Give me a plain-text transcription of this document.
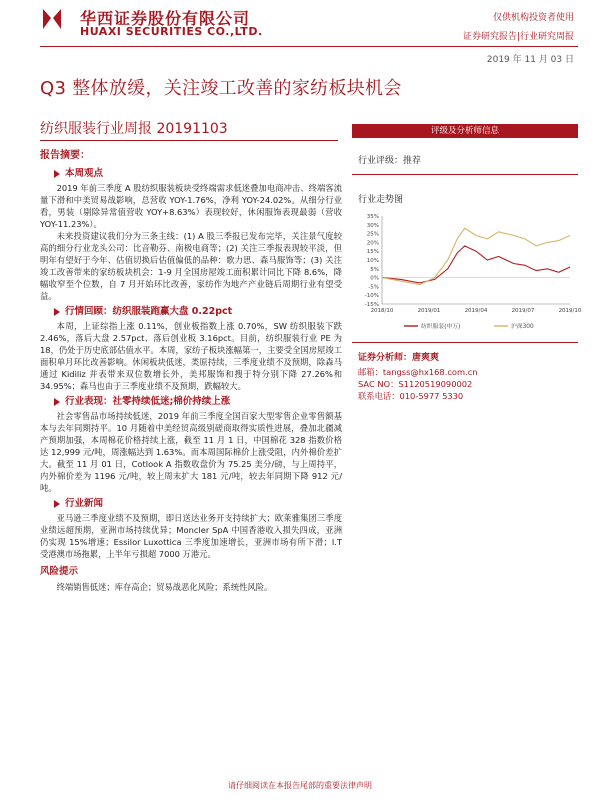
华西证券股份有限公司
HUAXI SECURITIES CO.,LTD.
仅供机构投资者使用
证券研究报告|行业研究周报
2019 年 11 月 03 日
Q3 整体放缓，关注竣工改善的家纺板块机会
纺织服装行业周报 20191103
报告摘要：
本周观点

2019 年前三季度 A 股纺织服装板块受终端需求低迷叠加电商冲击、终端客流量下滑和中美贸易战影响，总营收 YOY-1.76%，净利 YOY-24.02%。从细分行业看，男装（剔除异常值营收 YOY+8.63%）表现较好，休闲服饰表现最弱（营收 YOY-11.23%）。

未来投资建议我们分为三条主线：(1) A 股三季报已发布完毕，关注景气度较高的细分行业龙头公司：比音勒芬、南极电商等；(2) 关注三季报表现较平淡，但明年有望好于今年、估值切换后估值偏低的品种：歌力思、森马服饰等；(3) 关注竣工改善带来的家纺板块机会：1-9 月全国房屋竣工面积累计同比下降 8.6%，降幅收窄至个位数，自 7 月开始环比改善，家纺作为地产产业链后周期行业有望受益。

行情回顾：纺织服装跑赢大盘 0.22pct

本周，上证综指上涨 0.11%，创业板指数上涨 0.70%，SW 纺织服装下跌 2.46%，落后大盘 2.57pct、落后创业板 3.16pct。目前，纺织服装行业 PE 为 18，仍处于历史底部估值水平。本周，家纺子板块涨幅第一，主要受全国房屋竣工面积单月环比改善影响。休闲板块低迷，类原持续，三季度业绩不及预期，除森马通过 Kidiliz 并表带来双位数增长外，美邦服饰和搜于特分别下降 27.26%和 34.95%；森马也由于三季度业绩不及预期，跌幅较大。

行业表现：社零持续低迷;棉价持续上涨

社会零售品市场持续低迷，2019 年前三季度全国百家大型零售企业零售额基本与去年同期持平。10 月随着中美经贸高级别磋商取得实质性进展，叠加北疆减产预期加强，本周棉花价格持续上涨，截至 11 月 1 日，中国棉花 328 指数价格达 12,999 元/吨，周涨幅达到 1.63%。而本周国际棉价上涨受阻，内外棉价差扩大。截至 11 月 01 日，Cotlook A 指数收盘价为 75.25 美分/磅，与上周持平，内外棉价差为 1196 元/吨，较上周末扩大 181 元/吨，较去年同期下降 912 元/吨。

行业新闻

亚马逊三季度业绩不及预期，即日送达业务开支持续扩大；欧莱雅集团三季度业绩远超预期，亚洲市场持续优异；Moncler SpA 中国香港收入损失四成，亚洲仍实现 15%增速；Essilor Luxottica 三季度加速增长，亚洲市场有所下滑；I.T 受港澳市场拖累，上半年亏损超 7000 万港元。

风险提示

终端销售低迷；库存高企；贸易战恶化风险；系统性风险。

评级及分析师信息
行业评级：推荐
行业走势图
-15%
-10%
-5%
0%
5%
10%
15%
20%
25%
30%
35%
2018/10	2019/01	2019/04	2019/07	2019/10
纺织服装(申万)	沪深300
证券分析师：唐爽爽
邮箱：tangss@hx168.com.cn
SAC NO：S1120519090002
联系电话：010-5977 5330
请仔细阅读在本报告尾部的重要法律声明
